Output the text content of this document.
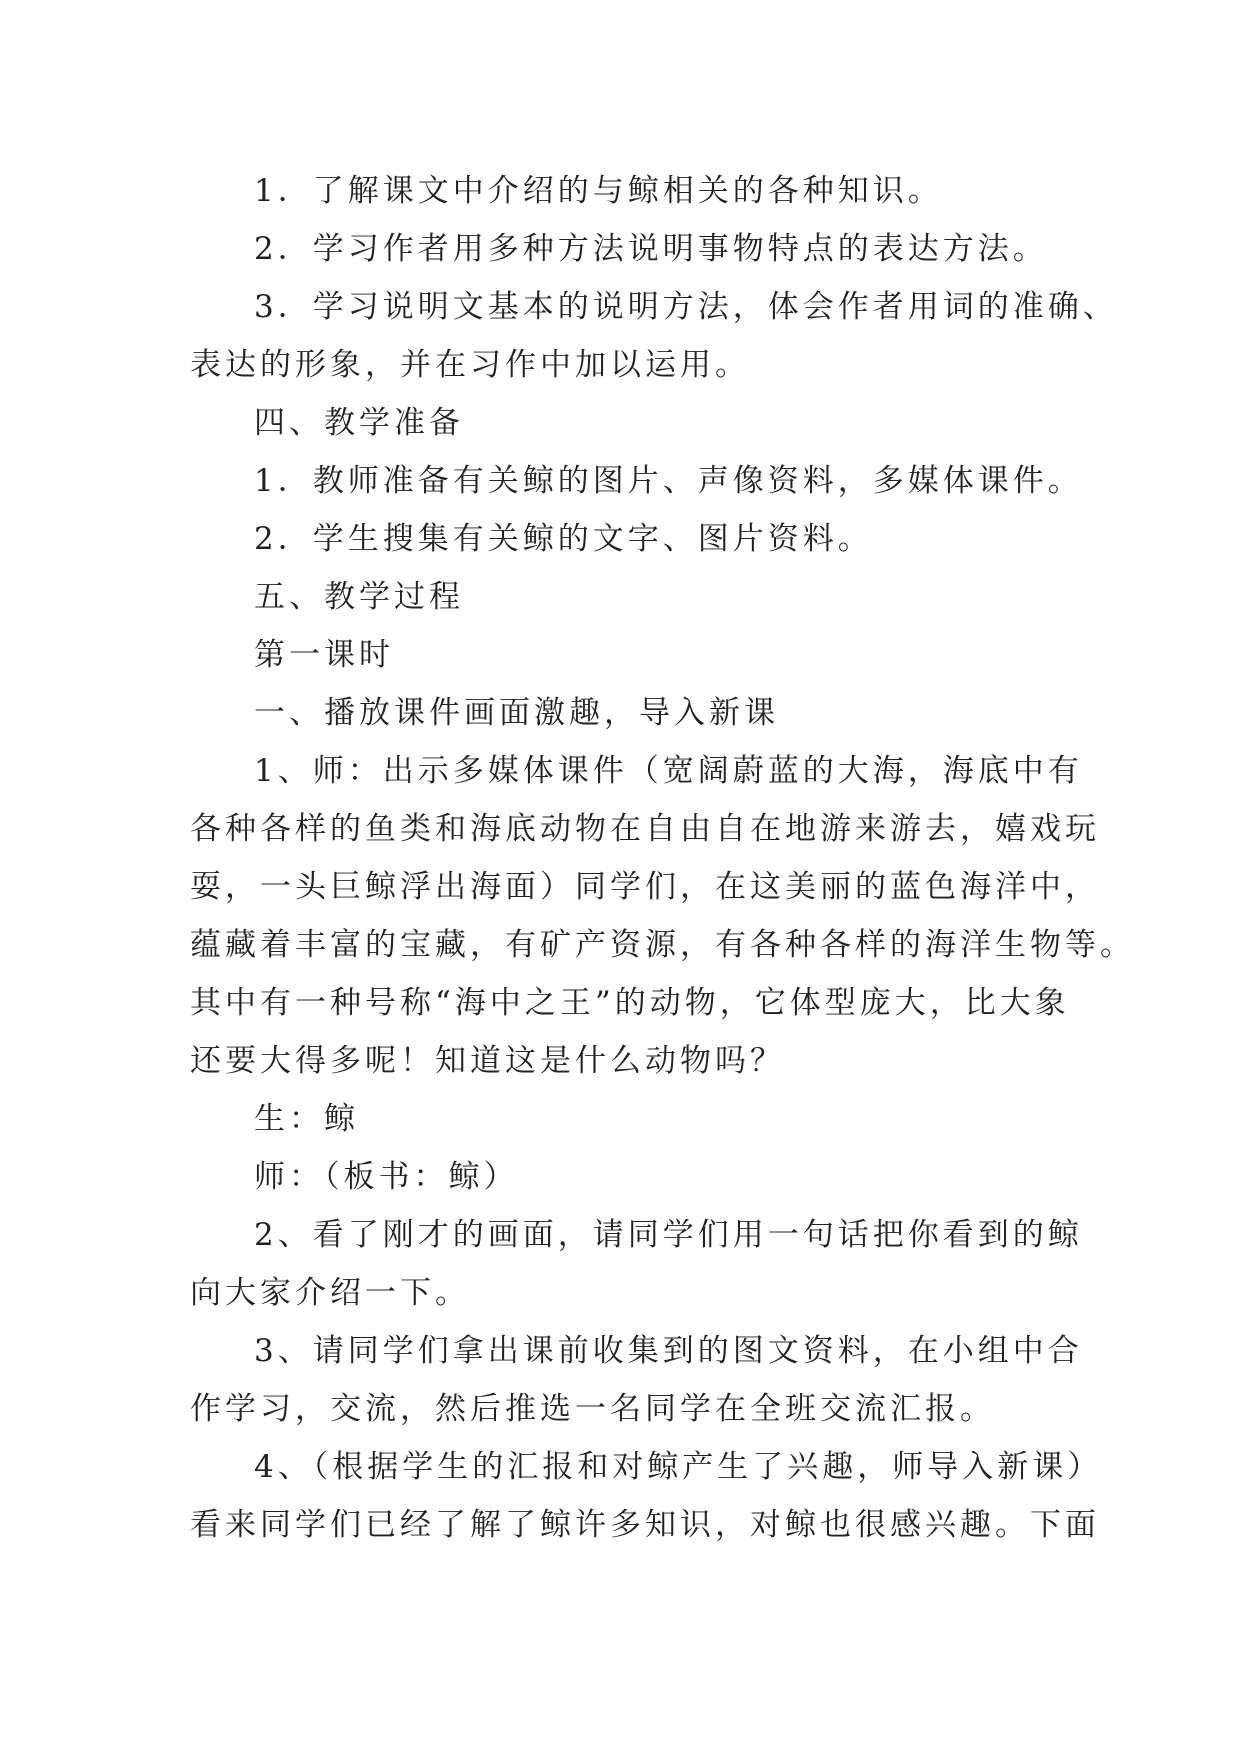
1．了解课文中介绍的与鲸相关的各种知识。
2．学习作者用多种方法说明事物特点的表达方法。
3．学习说明文基本的说明方法，体会作者用词的准确、
表达的形象，并在习作中加以运用。
四、教学准备
1．教师准备有关鲸的图片、声像资料，多媒体课件。
2．学生搜集有关鲸的文字、图片资料。
五、教学过程
第一课时
一、播放课件画面激趣，导入新课
1、师：出示多媒体课件（宽阔蔚蓝的大海，海底中有
各种各样的鱼类和海底动物在自由自在地游来游去，嬉戏玩
耍，一头巨鲸浮出海面）同学们，在这美丽的蓝色海洋中，
蕴藏着丰富的宝藏，有矿产资源，有各种各样的海洋生物等。
其中有一种号称“海中之王”的动物，它体型庞大，比大象
还要大得多呢！知道这是什么动物吗？
生：鲸
师：（板书：鲸）
2、看了刚才的画面，请同学们用一句话把你看到的鲸
向大家介绍一下。
3、请同学们拿出课前收集到的图文资料，在小组中合
作学习，交流，然后推选一名同学在全班交流汇报。
4、（根据学生的汇报和对鲸产生了兴趣，师导入新课）
看来同学们已经了解了鲸许多知识，对鲸也很感兴趣。下面
